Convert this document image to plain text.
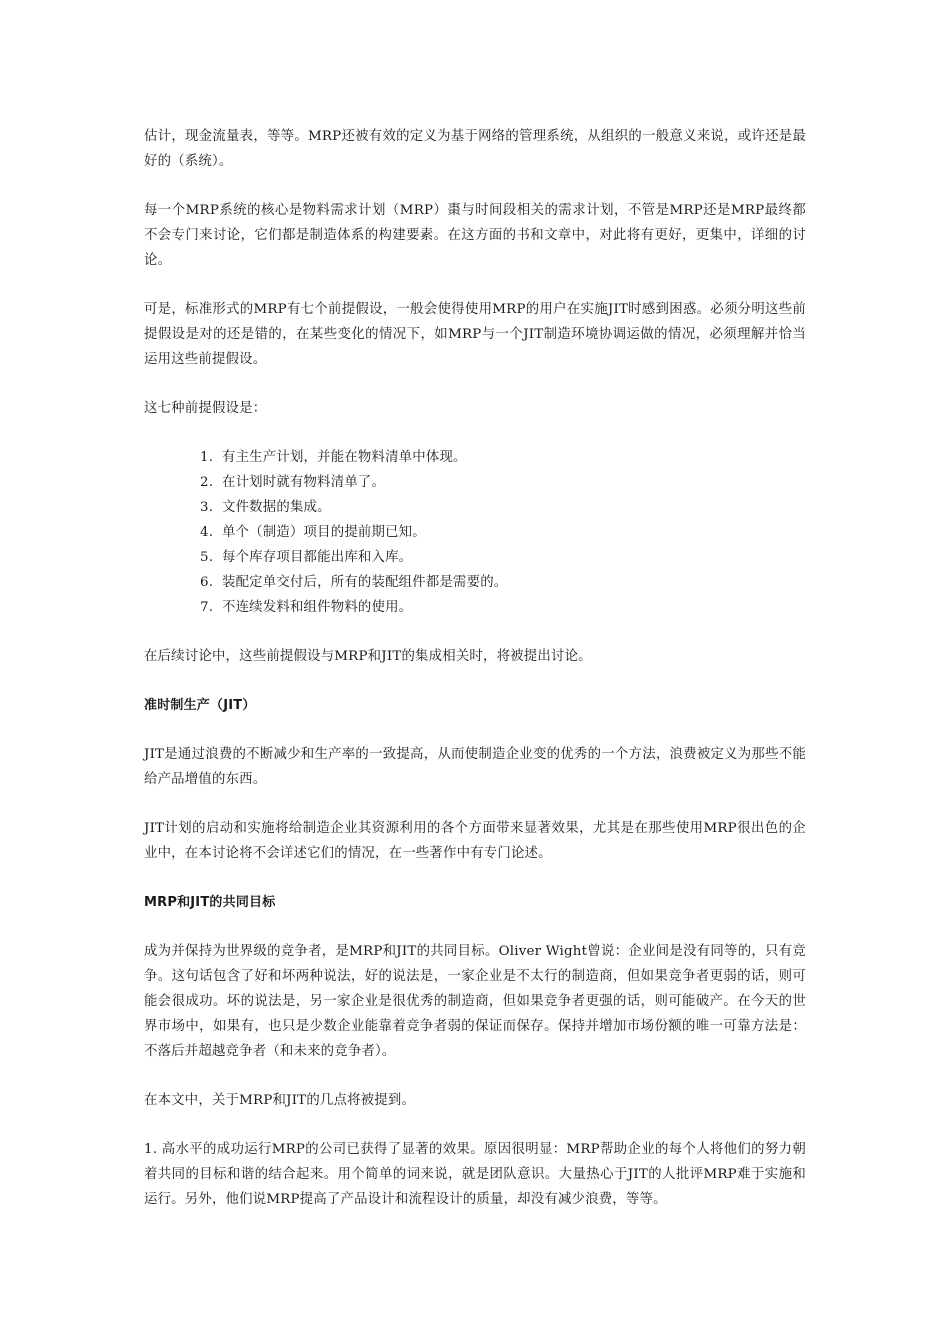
估计，现金流量表，等等。MRP还被有效的定义为基于网络的管理系统，从组织的一般意义来说，或许还是最好的（系统）。

每一个MRP系统的核心是物料需求计划（MRP）棗与时间段相关的需求计划，不管是MRP还是MRP最终都不会专门来讨论，它们都是制造体系的构建要素。在这方面的书和文章中，对此将有更好，更集中，详细的讨论。

可是，标准形式的MRP有七个前提假设，一般会使得使用MRP的用户在实施JIT时感到困惑。必须分明这些前提假设是对的还是错的，在某些变化的情况下，如MRP与一个JIT制造环境协调运做的情况，必须理解并恰当运用这些前提假设。

这七种前提假设是：

1. 有主生产计划，并能在物料清单中体现。
2. 在计划时就有物料清单了。
3. 文件数据的集成。
4. 单个（制造）项目的提前期已知。
5. 每个库存项目都能出库和入库。
6. 装配定单交付后，所有的装配组件都是需要的。
7. 不连续发料和组件物料的使用。

在后续讨论中，这些前提假设与MRP和JIT的集成相关时，将被提出讨论。

准时制生产（JIT）

JIT是通过浪费的不断减少和生产率的一致提高，从而使制造企业变的优秀的一个方法，浪费被定义为那些不能给产品增值的东西。

JIT计划的启动和实施将给制造企业其资源利用的各个方面带来显著效果，尤其是在那些使用MRP很出色的企业中，在本讨论将不会详述它们的情况，在一些著作中有专门论述。

MRP和JIT的共同目标

成为并保持为世界级的竞争者，是MRP和JIT的共同目标。Oliver Wight曾说：企业间是没有同等的，只有竞争。这句话包含了好和坏两种说法，好的说法是，一家企业是不太行的制造商，但如果竞争者更弱的话，则可能会很成功。坏的说法是，另一家企业是很优秀的制造商，但如果竞争者更强的话，则可能破产。在今天的世界市场中，如果有，也只是少数企业能靠着竞争者弱的保证而保存。保持并增加市场份额的唯一可靠方法是：不落后并超越竞争者（和未来的竞争者）。

在本文中，关于MRP和JIT的几点将被提到。

1. 高水平的成功运行MRP的公司已获得了显著的效果。原因很明显：MRP帮助企业的每个人将他们的努力朝着共同的目标和谐的结合起来。用个简单的词来说，就是团队意识。大量热心于JIT的人批评MRP难于实施和运行。另外，他们说MRP提高了产品设计和流程设计的质量，却没有减少浪费，等等。
